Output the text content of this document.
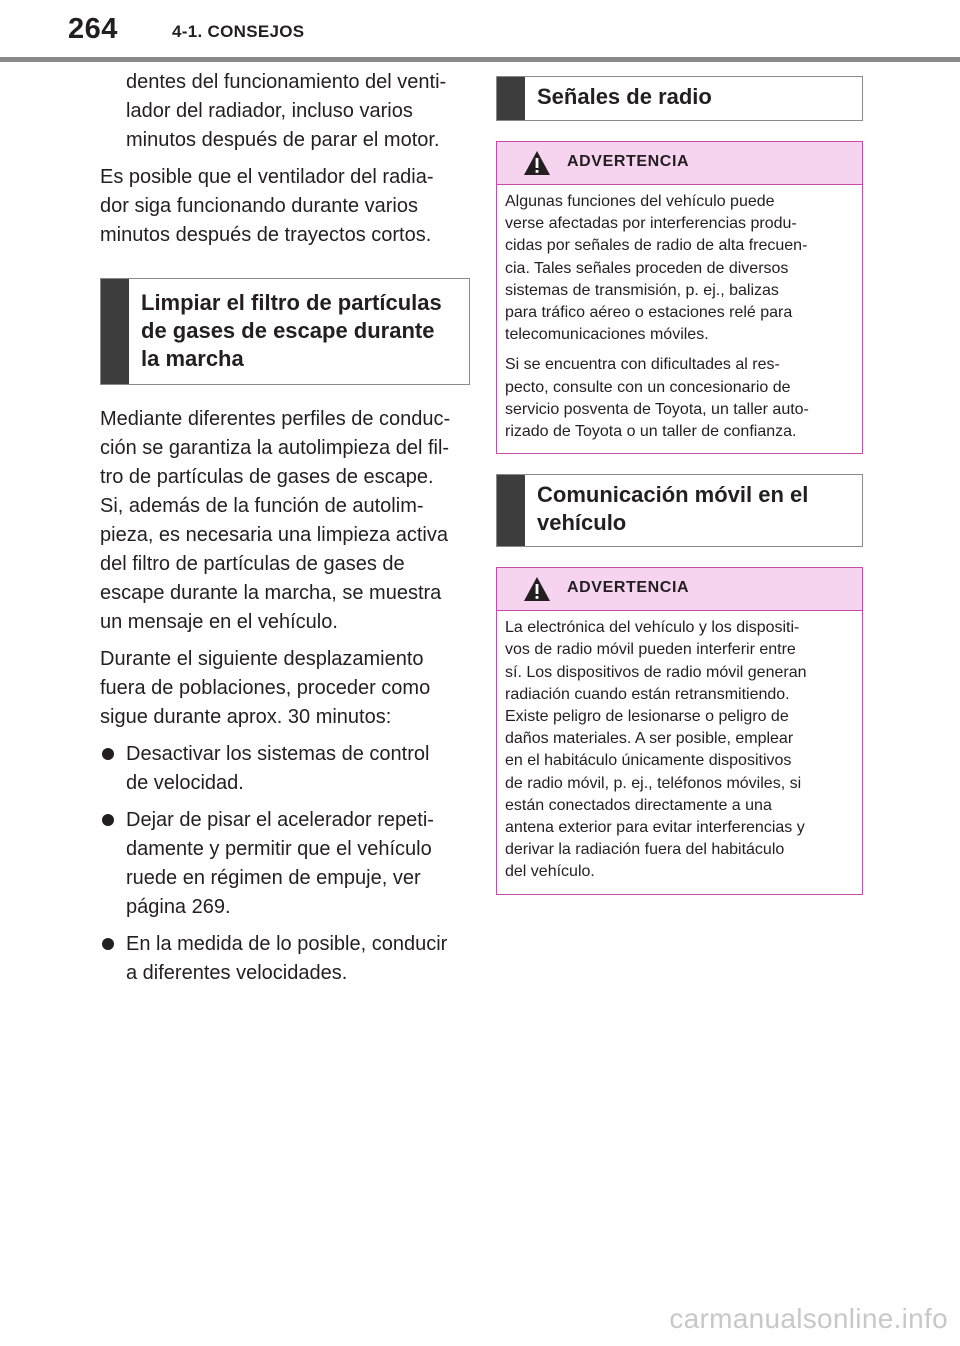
264	4-1. CONSEJOS

dentes del funcionamiento del venti-
lador del radiador, incluso varios
minutos después de parar el motor.

Es posible que el ventilador del radia-
dor siga funcionando durante varios
minutos después de trayectos cortos.

Limpiar el filtro de partículas
de gases de escape durante
la marcha

Mediante diferentes perfiles de conduc-
ción se garantiza la autolimpieza del fil-
tro de partículas de gases de escape.
Si, además de la función de autolim-
pieza, es necesaria una limpieza activa
del filtro de partículas de gases de
escape durante la marcha, se muestra
un mensaje en el vehículo.

Durante el siguiente desplazamiento
fuera de poblaciones, proceder como
sigue durante aprox. 30 minutos:

Desactivar los sistemas de control
de velocidad.
Dejar de pisar el acelerador repeti-
damente y permitir que el vehículo
ruede en régimen de empuje, ver
página 269.
En la medida de lo posible, conducir
a diferentes velocidades.
Señales de radio
ADVERTENCIA

Algunas funciones del vehículo puede
verse afectadas por interferencias produ-
cidas por señales de radio de alta frecuen-
cia. Tales señales proceden de diversos
sistemas de transmisión, p. ej., balizas
para tráfico aéreo o estaciones relé para
telecomunicaciones móviles.

Si se encuentra con dificultades al res-
pecto, consulte con un concesionario de
servicio posventa de Toyota, un taller auto-
rizado de Toyota o un taller de confianza.

Comunicación móvil en el
vehículo
ADVERTENCIA

La electrónica del vehículo y los dispositi-
vos de radio móvil pueden interferir entre
sí. Los dispositivos de radio móvil generan
radiación cuando están retransmitiendo.
Existe peligro de lesionarse o peligro de
daños materiales. A ser posible, emplear
en el habitáculo únicamente dispositivos
de radio móvil, p. ej., teléfonos móviles, si
están conectados directamente a una
antena exterior para evitar interferencias y
derivar la radiación fuera del habitáculo
del vehículo.

carmanualsonline.info
